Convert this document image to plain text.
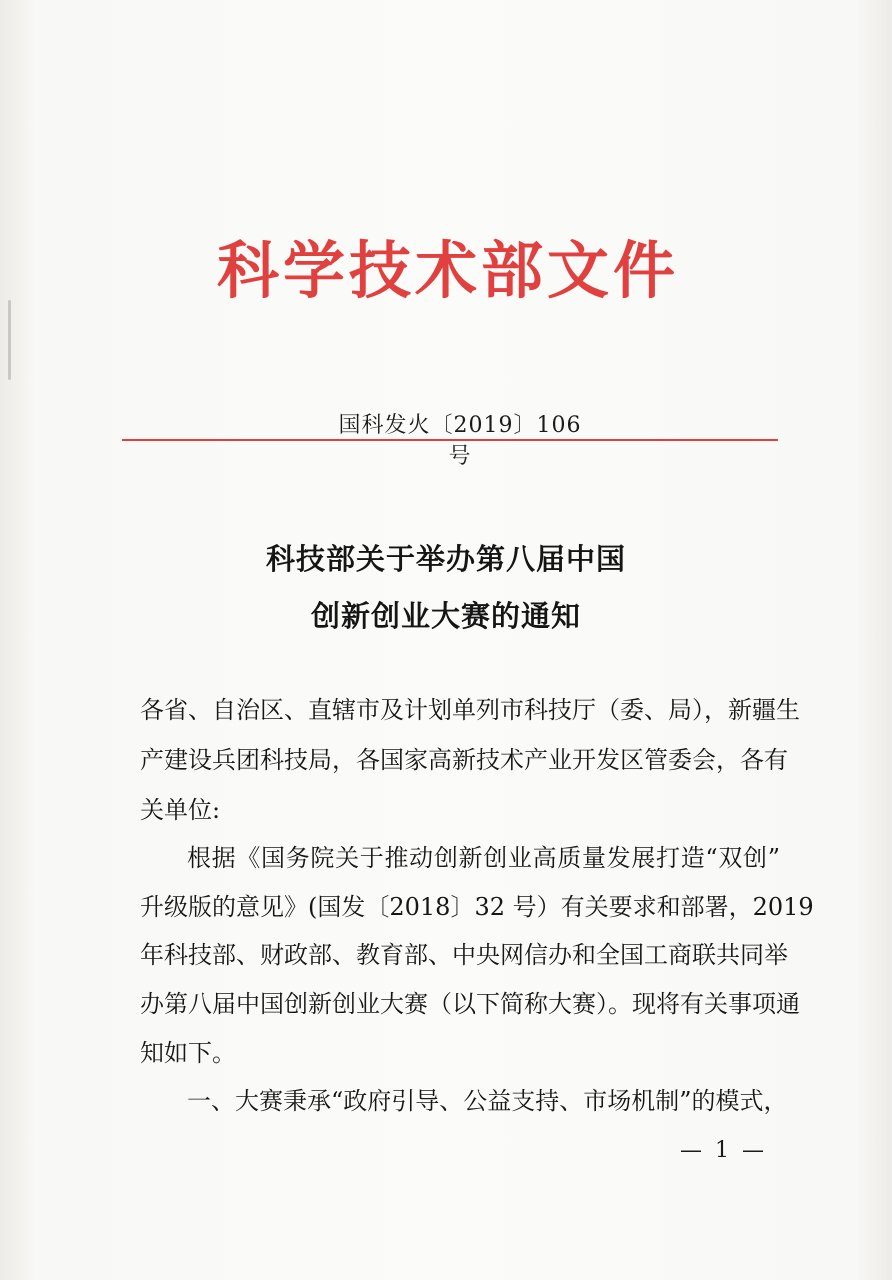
科学技术部文件
国科发火〔2019〕106 号
科技部关于举办第八届中国
创新创业大赛的通知
各省、自治区、直辖市及计划单列市科技厅（委、局），新疆生
产建设兵团科技局，各国家高新技术产业开发区管委会，各有
关单位:
根据《国务院关于推动创新创业高质量发展打造“双创”
升级版的意见》(国发〔2018〕32 号）有关要求和部署，2019
年科技部、财政部、教育部、中央网信办和全国工商联共同举
办第八届中国创新创业大赛（以下简称大赛）。现将有关事项通
知如下。
一、大赛秉承“政府引导、公益支持、市场机制”的模式，
— 1 —
